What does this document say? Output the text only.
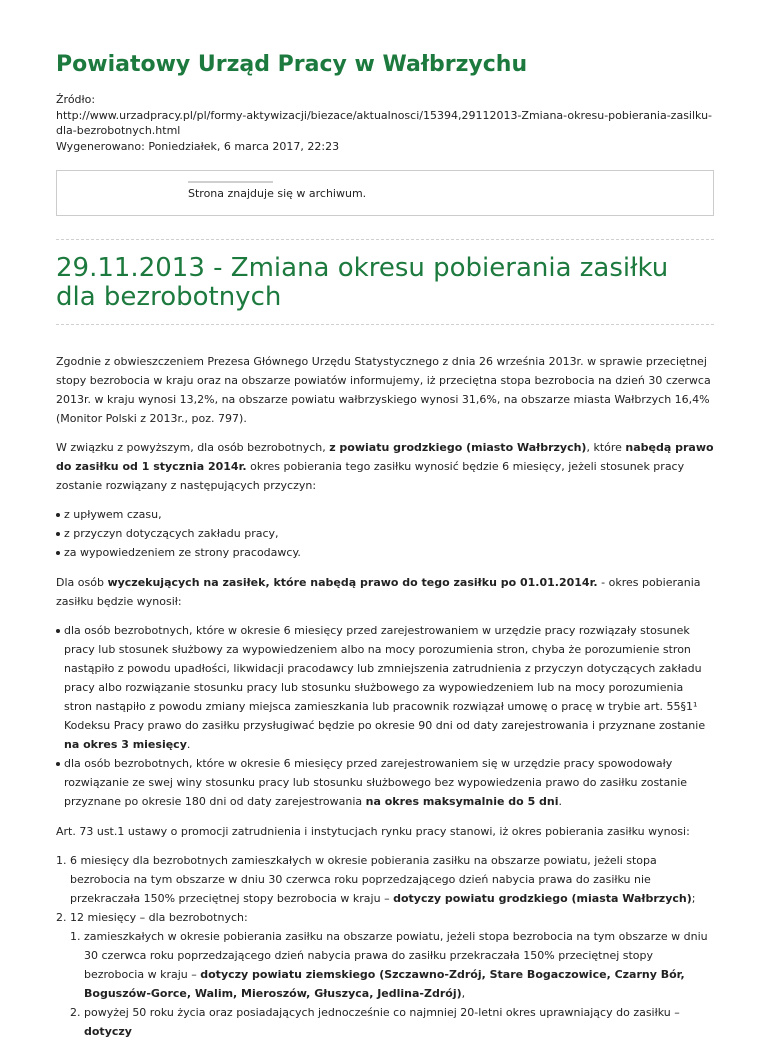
Powiatowy Urząd Pracy w Wałbrzychu
Źródło:
http://www.urzadpracy.pl/pl/formy-aktywizacji/biezace/aktualnosci/15394,29112013-Zmiana-okresu-pobierania-zasilku-dla-bezrobotnych.html
Wygenerowano: Poniedziałek, 6 marca 2017, 22:23
Strona znajduje się w archiwum.
29.11.2013 - Zmiana okresu pobierania zasiłku dla bezrobotnych

Zgodnie z obwieszczeniem Prezesa Głównego Urzędu Statystycznego z dnia 26 września 2013r. w sprawie przeciętnej stopy bezrobocia w kraju oraz na obszarze powiatów informujemy, iż przeciętna stopa bezrobocia na dzień 30 czerwca 2013r. w kraju wynosi 13,2%, na obszarze powiatu wałbrzyskiego wynosi 31,6%, na obszarze miasta Wałbrzych 16,4% (Monitor Polski z 2013r., poz. 797).

W związku z powyższym, dla osób bezrobotnych, z powiatu grodzkiego (miasto Wałbrzych), które nabędą prawo do zasiłku od 1 stycznia 2014r. okres pobierania tego zasiłku wynosić będzie 6 miesięcy, jeżeli stosunek pracy zostanie rozwiązany z następujących przyczyn:

z upływem czasu,
z przyczyn dotyczących zakładu pracy,
za wypowiedzeniem ze strony pracodawcy.

Dla osób wyczekujących na zasiłek, które nabędą prawo do tego zasiłku po 01.01.2014r. - okres pobierania zasiłku będzie wynosił:

dla osób bezrobotnych, które w okresie 6 miesięcy przed zarejestrowaniem w urzędzie pracy rozwiązały stosunek pracy lub stosunek służbowy za wypowiedzeniem albo na mocy porozumienia stron, chyba że porozumienie stron nastąpiło z powodu upadłości, likwidacji pracodawcy lub zmniejszenia zatrudnienia z przyczyn dotyczących zakładu pracy albo rozwiązanie stosunku pracy lub stosunku służbowego za wypowiedzeniem lub na mocy porozumienia stron nastąpiło z powodu zmiany miejsca zamieszkania lub pracownik rozwiązał umowę o pracę w trybie art. 55§1¹ Kodeksu Pracy prawo do zasiłku przysługiwać będzie po okresie 90 dni od daty zarejestrowania i przyznane zostanie na okres 3 miesięcy.
dla osób bezrobotnych, które w okresie 6 miesięcy przed zarejestrowaniem się w urzędzie pracy spowodowały rozwiązanie ze swej winy stosunku pracy lub stosunku służbowego bez wypowiedzenia prawo do zasiłku zostanie przyznane po okresie 180 dni od daty zarejestrowania na okres maksymalnie do 5 dni.

Art. 73 ust.1 ustawy o promocji zatrudnienia i instytucjach rynku pracy stanowi, iż okres pobierania zasiłku wynosi:

1. 6 miesięcy dla bezrobotnych zamieszkałych w okresie pobierania zasiłku na obszarze powiatu, jeżeli stopa bezrobocia na tym obszarze w dniu 30 czerwca roku poprzedzającego dzień nabycia prawa do zasiłku nie przekraczała 150% przeciętnej stopy bezrobocia w kraju – dotyczy powiatu grodzkiego (miasta Wałbrzych);
2. 12 miesięcy – dla bezrobotnych:
1. zamieszkałych w okresie pobierania zasiłku na obszarze powiatu, jeżeli stopa bezrobocia na tym obszarze w dniu 30 czerwca roku poprzedzającego dzień nabycia prawa do zasiłku przekraczała 150% przeciętnej stopy bezrobocia w kraju – dotyczy powiatu ziemskiego (Szczawno-Zdrój, Stare Bogaczowice, Czarny Bór, Boguszów-Gorce, Walim, Mieroszów, Głuszyca, Jedlina-Zdrój),
2. powyżej 50 roku życia oraz posiadających jednocześnie co najmniej 20-letni okres uprawniający do zasiłku – dotyczy
